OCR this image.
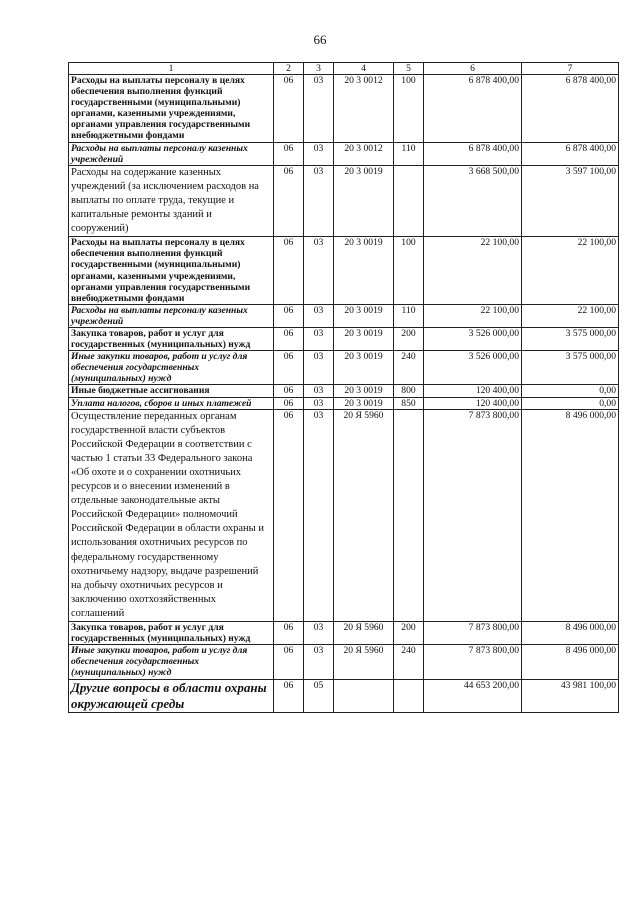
66
1	2	3	4	5	6	7
Расходы на выплаты персоналу в целях обеспечения выполнения функций государственными (муниципальными) органами, казенными учреждениями, органами управления государственными внебюджетными фондами	06	03	20 3 0012	100	6 878 400,00	6 878 400,00
Расходы на выплаты персоналу казенных учреждений	06	03	20 3 0012	110	6 878 400,00	6 878 400,00
Расходы на содержание казенных учреждений (за исключением расходов на выплаты по оплате труда, текущие и капитальные ремонты зданий и сооружений)	06	03	20 3 0019		3 668 500,00	3 597 100,00
Расходы на выплаты персоналу в целях обеспечения выполнения функций государственными (муниципальными) органами, казенными учреждениями, органами управления государственными внебюджетными фондами	06	03	20 3 0019	100	22 100,00	22 100,00
Расходы на выплаты персоналу казенных учреждений	06	03	20 3 0019	110	22 100,00	22 100,00
Закупка товаров, работ и услуг для государственных (муниципальных) нужд	06	03	20 3 0019	200	3 526 000,00	3 575 000,00
Иные закупки товаров, работ и услуг для обеспечения государственных (муниципальных) нужд	06	03	20 3 0019	240	3 526 000,00	3 575 000,00
Иные бюджетные ассигнования	06	03	20 3 0019	800	120 400,00	0,00
Уплата налогов, сборов и иных платежей	06	03	20 3 0019	850	120 400,00	0,00
Осуществление переданных органам государственной власти субъектов Российской Федерации в соответствии с частью 1 статьи 33 Федерального закона «Об охоте и о сохранении охотничьих ресурсов и о внесении изменений в отдельные законодательные акты Российской Федерации» полномочий Российской Федерации в области охраны и использования охотничьих ресурсов по федеральному государственному охотничьему надзору, выдаче разрешений на добычу охотничьих ресурсов и заключению охотхозяйственных соглашений	06	03	20 Я 5960		7 873 800,00	8 496 000,00
Закупка товаров, работ и услуг для государственных (муниципальных) нужд	06	03	20 Я 5960	200	7 873 800,00	8 496 000,00
Иные закупки товаров, работ и услуг для обеспечения государственных (муниципальных) нужд	06	03	20 Я 5960	240	7 873 800,00	8 496 000,00
Другие вопросы в области охраны окружающей среды	06	05			44 653 200,00	43 981 100,00
